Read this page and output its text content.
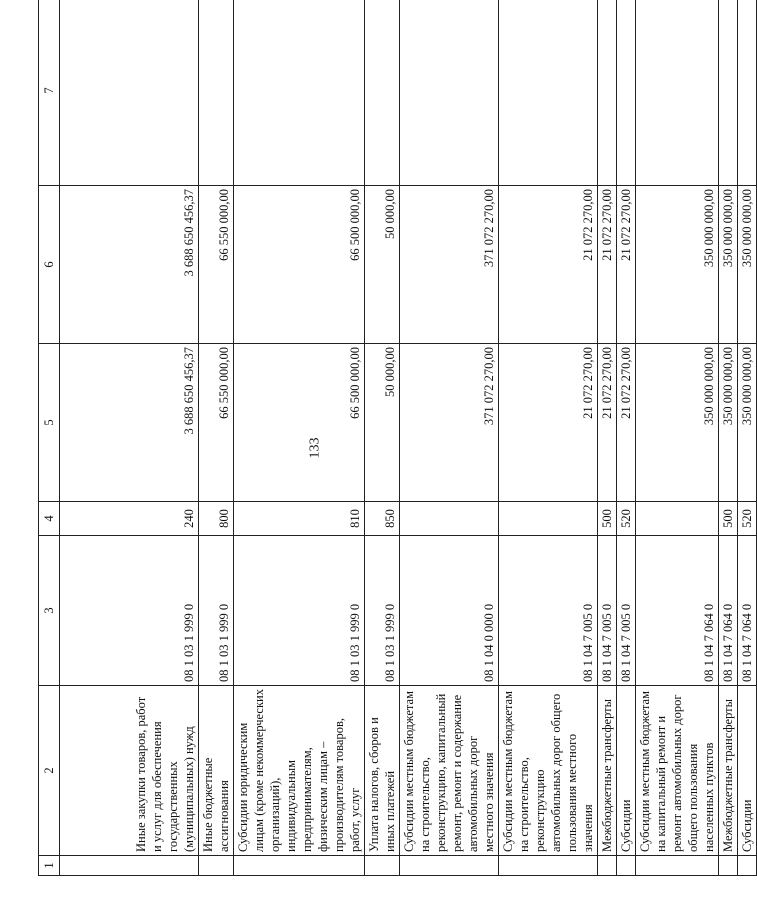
133
1	2	3	4	5	6	7
	Иные закупки товаров, работ и услуг для обеспечения государственных (муниципальных) нужд	08 1 03 1 999 0	240	3 688 650 456,37	3 688 650 456,37	
	Иные бюджетные ассигнования	08 1 03 1 999 0	800	66 550 000,00	66 550 000,00	
	Субсидии юридическим лицам (кроме некоммерческих организаций), индивидуальным предпринимателям, физическим лицам – производителям товаров, работ, услуг	08 1 03 1 999 0	810	66 500 000,00	66 500 000,00	
	Уплата налогов, сборов и иных платежей	08 1 03 1 999 0	850	50 000,00	50 000,00	
	Субсидии местным бюджетам на строительство, реконструкцию, капитальный ремонт, ремонт и содержание автомобильных дорог местного значения	08 1 04 0 000 0		371 072 270,00	371 072 270,00	
	Субсидии местным бюджетам на строительство, реконструкцию автомобильных дорог общего пользования местного значения	08 1 04 7 005 0		21 072 270,00	21 072 270,00	
	Межбюджетные трансферты	08 1 04 7 005 0	500	21 072 270,00	21 072 270,00	
	Субсидии	08 1 04 7 005 0	520	21 072 270,00	21 072 270,00	
	Субсидии местным бюджетам на капитальный ремонт и ремонт автомобильных дорог общего пользования населенных пунктов	08 1 04 7 064 0		350 000 000,00	350 000 000,00	
	Межбюджетные трансферты	08 1 04 7 064 0	500	350 000 000,00	350 000 000,00	
	Субсидии	08 1 04 7 064 0	520	350 000 000,00	350 000 000,00	
